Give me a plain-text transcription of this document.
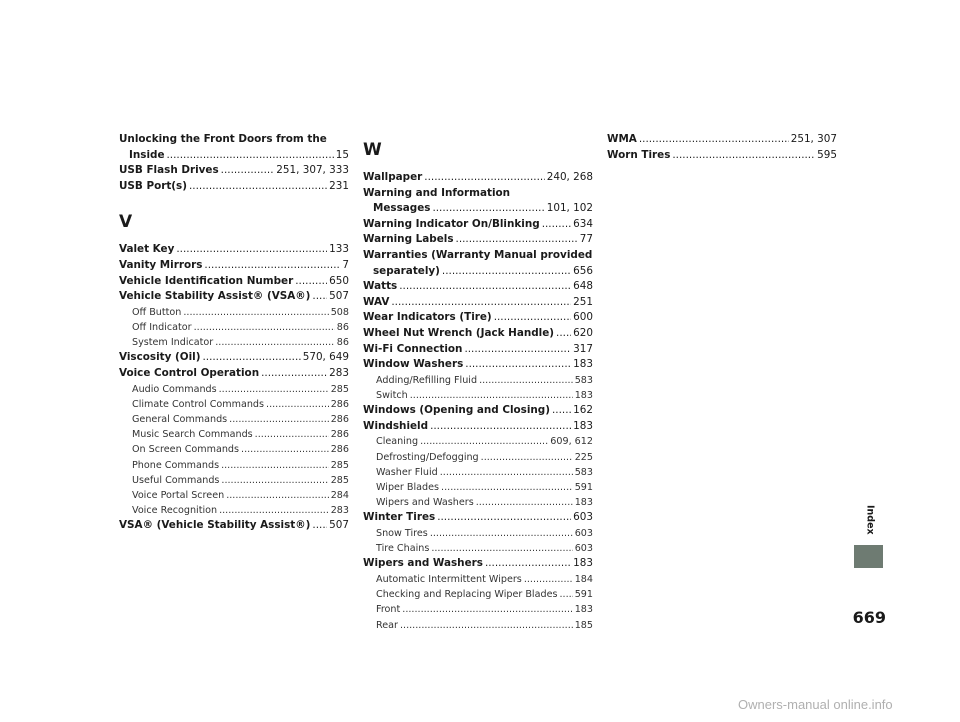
Unlocking the Front Doors from the
Inside .....	15
USB Flash Drives .....	251, 307, 333
USB Port(s) .....	231
V
Valet Key .....	133
Vanity Mirrors .....	7
Vehicle Identification Number .....	650
Vehicle Stability Assist® (VSA®) ..... 507
Off Button .....	508
Off Indicator .....	86
System Indicator .....	86
Viscosity (Oil) .....	570, 649
Voice Control Operation .....	283
Audio Commands .....	285
Climate Control Commands .....	286
General Commands .....	286
Music Search Commands .....	286
On Screen Commands .....	286
Phone Commands .....	285
Useful Commands .....	285
Voice Portal Screen .....	284
Voice Recognition .....	283
VSA® (Vehicle Stability Assist®) ..... 507
W
Wallpaper .....	240, 268
Warning and Information
Messages .....	101, 102
Warning Indicator On/Blinking .....	634
Warning Labels .....	77
Warranties (Warranty Manual provided
separately) .....	656
Watts .....	648
WAV .....	251
Wear Indicators (Tire) .....	600
Wheel Nut Wrench (Jack Handle) ..... 620
Wi-Fi Connection .....	317
Window Washers .....	183
Adding/Refilling Fluid .....	583
Switch .....	183
Windows (Opening and Closing) ..... 162
Windshield .....	183
Cleaning .....	609, 612
Defrosting/Defogging .....	225
Washer Fluid .....	583
Wiper Blades .....	591
Wipers and Washers .....	183
Winter Tires .....	603
Snow Tires .....	603
Tire Chains .....	603
Wipers and Washers .....	183
Automatic Intermittent Wipers .....	184
Checking and Replacing Wiper Blades ..... 591
Front .....	183
Rear .....	185
WMA .....	251, 307
Worn Tires .....	595
Index
669
Owners-manual online.info
